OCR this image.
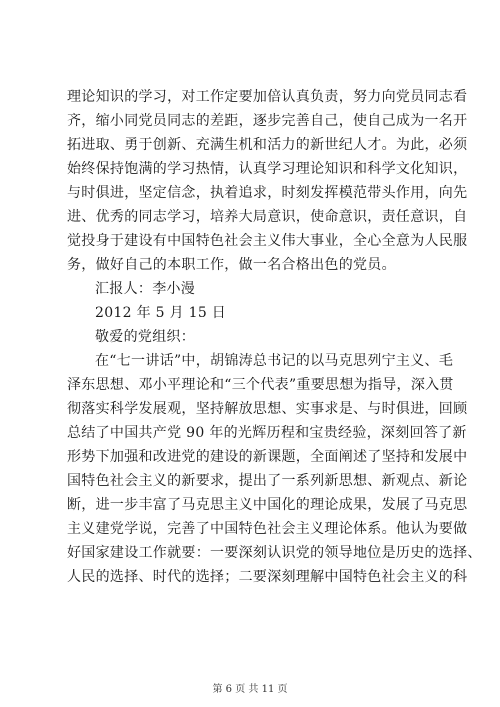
理论知识的学习，对工作定要加倍认真负责，努力向党员同志看
齐，缩小同党员同志的差距，逐步完善自己，使自己成为一名开
拓进取、勇于创新、充满生机和活力的新世纪人才。为此，必须
始终保持饱满的学习热情，认真学习理论知识和科学文化知识，
与时俱进，坚定信念，执着追求，时刻发挥模范带头作用，向先
进、优秀的同志学习，培养大局意识，使命意识，责任意识，自
觉投身于建设有中国特色社会主义伟大事业，全心全意为人民服
务，做好自己的本职工作，做一名合格出色的党员。
汇报人：李小漫
2012 年 5 月 15 日
敬爱的党组织：
在“七一讲话”中，胡锦涛总书记的以马克思列宁主义、毛
泽东思想、邓小平理论和“三个代表”重要思想为指导，深入贯
彻落实科学发展观，坚持解放思想、实事求是、与时俱进，回顾
总结了中国共产党 90 年的光辉历程和宝贵经验，深刻回答了新
形势下加强和改进党的建设的新课题，全面阐述了坚持和发展中
国特色社会主义的新要求，提出了一系列新思想、新观点、新论
断，进一步丰富了马克思主义中国化的理论成果，发展了马克思
主义建党学说，完善了中国特色社会主义理论体系。他认为要做
好国家建设工作就要：一要深刻认识党的领导地位是历史的选择、
人民的选择、时代的选择；二要深刻理解中国特色社会主义的科
第 6 页 共 11 页
